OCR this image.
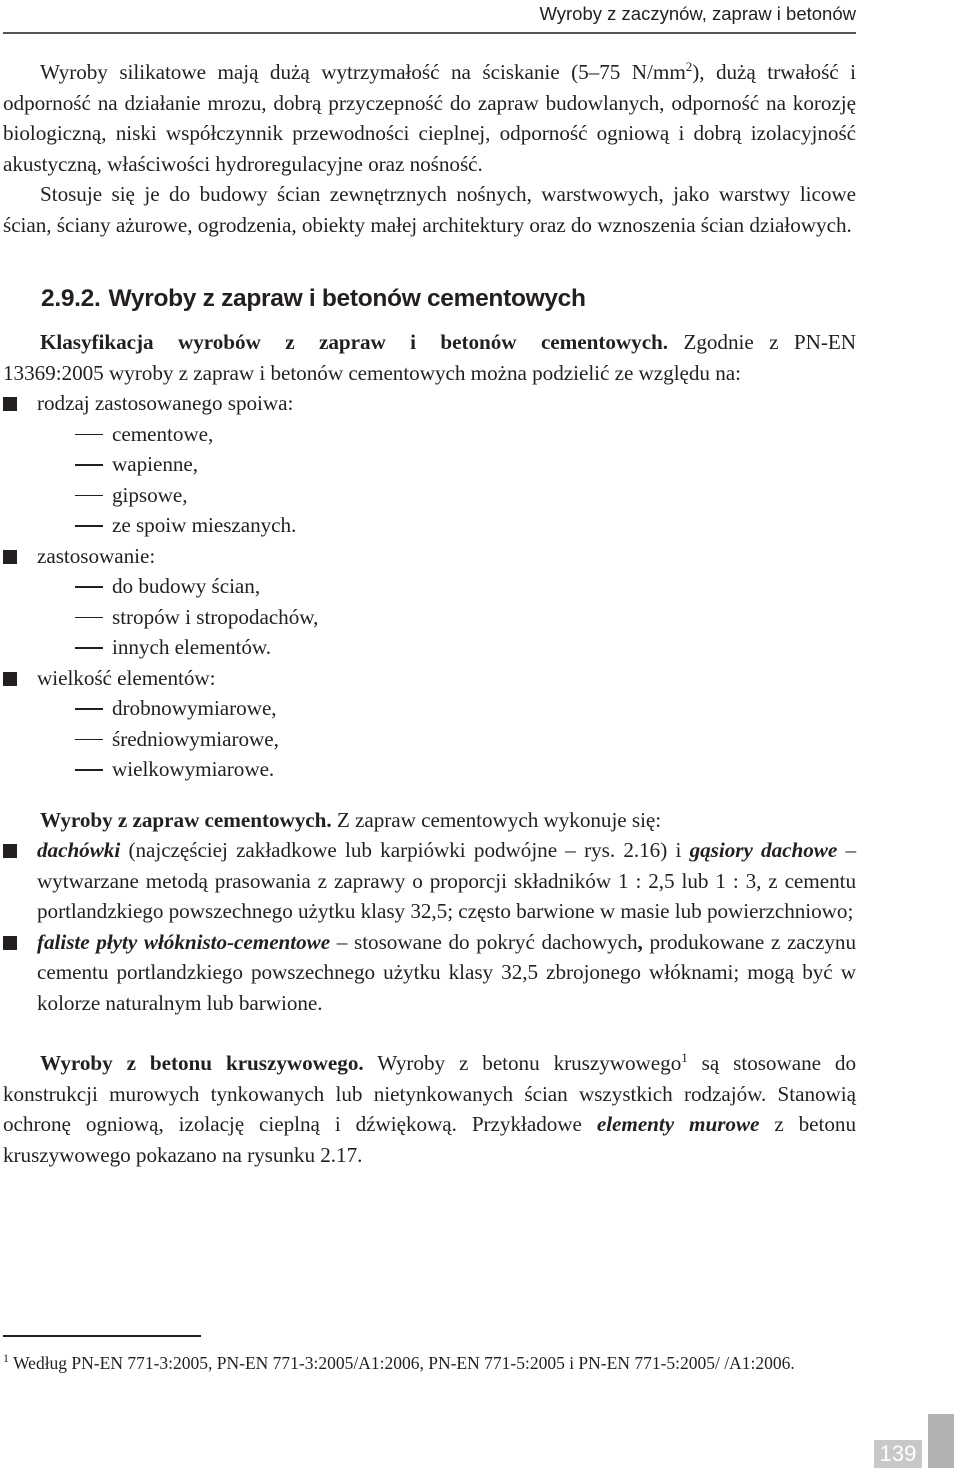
Wyroby z zaczynów, zapraw i betonów

Wyroby silikatowe mają dużą wytrzymałość na ściskanie (5–75 $N/mm^2$), dużą trwałość i odporność na działanie mrozu, dobrą przyczepność do zapraw budowlanych, odporność na korozję biologiczną, niski współczynnik przewodności cieplnej, odporność ogniową i dobrą izolacyjność akustyczną, właściwości hydroregulacyjne oraz nośność.

Stosuje się je do budowy ścian zewnętrznych nośnych, warstwowych, jako warstwy licowe ścian, ściany ażurowe, ogrodzenia, obiekty małej architektury oraz do wznoszenia ścian działowych.

2.9.2. Wyroby z zapraw i betonów cementowych

Klasyfikacja wyrobów z zapraw i betonów cementowych. Zgodnie z PN-EN 13369:2005 wyroby z zapraw i betonów cementowych można podzielić ze względu na:

rodzaj zastosowanego spoiwa:
cementowe,
wapienne,
gipsowe,
ze spoiw mieszanych.
zastosowanie:
do budowy ścian,
stropów i stropodachów,
innych elementów.
wielkość elementów:
drobnowymiarowe,
średniowymiarowe,
wielkowymiarowe.

Wyroby z zapraw cementowych. Z zapraw cementowych wykonuje się:

dachówki (najczęściej zakładkowe lub karpiówki podwójne – rys. 2.16) i gąsiory dachowe – wytwarzane metodą prasowania z zaprawy o proporcji składników 1 : 2,5 lub 1 : 3, z cementu portlandzkiego powszechnego użytku klasy 32,5; często barwione w masie lub powierzchniowo;
faliste płyty włóknisto-cementowe – stosowane do pokryć dachowych, produkowane z zaczynu cementu portlandzkiego powszechnego użytku klasy 32,5 zbrojonego włóknami; mogą być w kolorze naturalnym lub barwione.

Wyroby z betonu kruszywowego. Wyroby z betonu kruszywowego$^1$ są stosowane do konstrukcji murowych tynkowanych lub nietynkowanych ścian wszystkich rodzajów. Stanowią ochronę ogniową, izolację cieplną i dźwiękową. Przykładowe elementy murowe z betonu kruszywowego pokazano na rysunku 2.17.

$^1$ Według PN-EN 771-3:2005, PN-EN 771-3:2005/A1:2006, PN-EN 771-5:2005 i PN-EN 771-5:2005/ /A1:2006.

139
